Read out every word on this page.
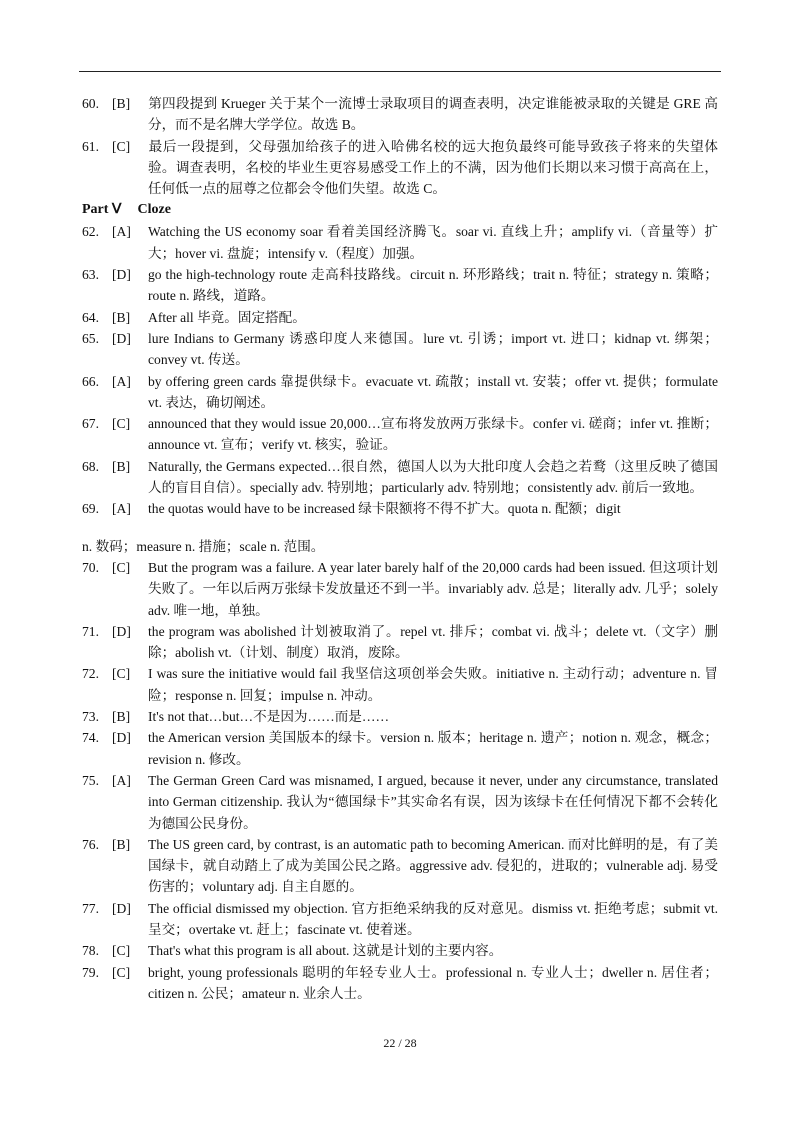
60. [B] 第四段提到 Krueger 关于某个一流博士录取项目的调查表明，决定谁能被录取的关键是 GRE 高分，而不是名牌大学学位。故选 B。
61. [C] 最后一段提到，父母强加给孩子的进入哈佛名校的远大抱负最终可能导致孩子将来的失望体验。调查表明，名校的毕业生更容易感受工作上的不满，因为他们长期以来习惯于高高在上，任何低一点的屈尊之位都会令他们失望。故选 C。
Part Ⅴ Cloze
62. [A] Watching the US economy soar 看着美国经济腾飞。soar vi. 直线上升；amplify vi.（音量等）扩大；hover vi. 盘旋；intensify v.（程度）加强。
63. [D] go the high-technology route 走高科技路线。circuit n. 环形路线；trait n. 特征；strategy n. 策略；route n. 路线，道路。
64. [B] After all 毕竟。固定搭配。
65. [D] lure Indians to Germany 诱惑印度人来德国。lure vt. 引诱；import vt. 进口；kidnap vt. 绑架；convey vt. 传送。
66. [A] by offering green cards 靠提供绿卡。evacuate vt. 疏散；install vt. 安装；offer vt. 提供；formulate vt. 表达，确切阐述。
67. [C] announced that they would issue 20,000…宣布将发放两万张绿卡。confer vi. 磋商；infer vt. 推断；announce vt. 宣布；verify vt. 核实，验证。
68. [B] Naturally, the Germans expected…很自然，德国人以为大批印度人会趋之若鹜（这里反映了德国人的盲目自信）。specially adv. 特别地；particularly adv. 特别地；consistently adv. 前后一致地。
69. [A] the quotas would have to be increased 绿卡限额将不得不扩大。quota n. 配额；digit
n. 数码；measure n. 措施；scale n. 范围。
70. [C] But the program was a failure. A year later barely half of the 20,000 cards had been issued. 但这项计划失败了。一年以后两万张绿卡发放量还不到一半。invariably adv. 总是；literally adv. 几乎；solely adv. 唯一地，单独。
71. [D] the program was abolished 计划被取消了。repel vt. 排斥；combat vi. 战斗；delete vt.（文字）删除；abolish vt.（计划、制度）取消，废除。
72. [C] I was sure the initiative would fail 我坚信这项创举会失败。initiative n. 主动行动；adventure n. 冒险；response n. 回复；impulse n. 冲动。
73. [B] It's not that…but…不是因为……而是……
74. [D] the American version 美国版本的绿卡。version n. 版本；heritage n. 遗产；notion n. 观念，概念；revision n. 修改。
75. [A] The German Green Card was misnamed, I argued, because it never, under any circumstance, translated into German citizenship. 我认为“德国绿卡”其实命名有误，因为该绿卡在任何情况下都不会转化为德国公民身份。
76. [B] The US green card, by contrast, is an automatic path to becoming American. 而对比鲜明的是，有了美国绿卡，就自动踏上了成为美国公民之路。aggressive adv. 侵犯的，进取的；vulnerable adj. 易受伤害的；voluntary adj. 自主自愿的。
77. [D] The official dismissed my objection. 官方拒绝采纳我的反对意见。dismiss vt. 拒绝考虑；submit vt. 呈交；overtake vt. 赶上；fascinate vt. 使着迷。
78. [C] That's what this program is all about. 这就是计划的主要内容。
79. [C] bright, young professionals 聪明的年轻专业人士。professional n. 专业人士；dweller n. 居住者；citizen n. 公民；amateur n. 业余人士。
22 / 28
